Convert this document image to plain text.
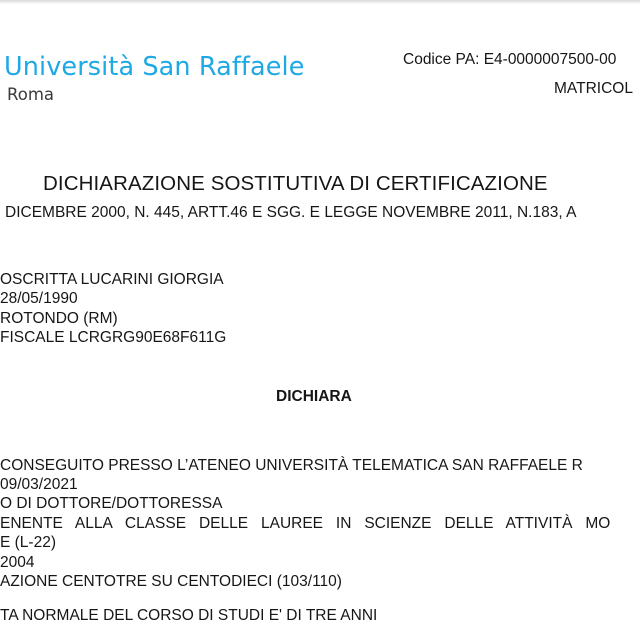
Università San Raffaele
Roma
Codice PA: E4-0000007500-00
MATRICOL
DICHIARAZIONE SOSTITUTIVA DI CERTIFICAZIONE
DICEMBRE 2000, N. 445, ARTT.46 E SGG. E LEGGE NOVEMBRE 2011, N.183, A
OSCRITTA LUCARINI GIORGIA
28/05/1990
ROTONDO (RM)
FISCALE LCRGRG90E68F611G
DICHIARA
CONSEGUITO PRESSO L’ATENEO UNIVERSITÀ TELEMATICA SAN RAFFAELE R
09/03/2021
O DI DOTTORE/DOTTORESSA
ENENTE ALLA CLASSE DELLE LAUREE IN SCIENZE DELLE ATTIVITÀ MO
E (L-22)
2004
AZIONE CENTOTRE SU CENTODIECI (103/110)
TA NORMALE DEL CORSO DI STUDI E' DI TRE ANNI
